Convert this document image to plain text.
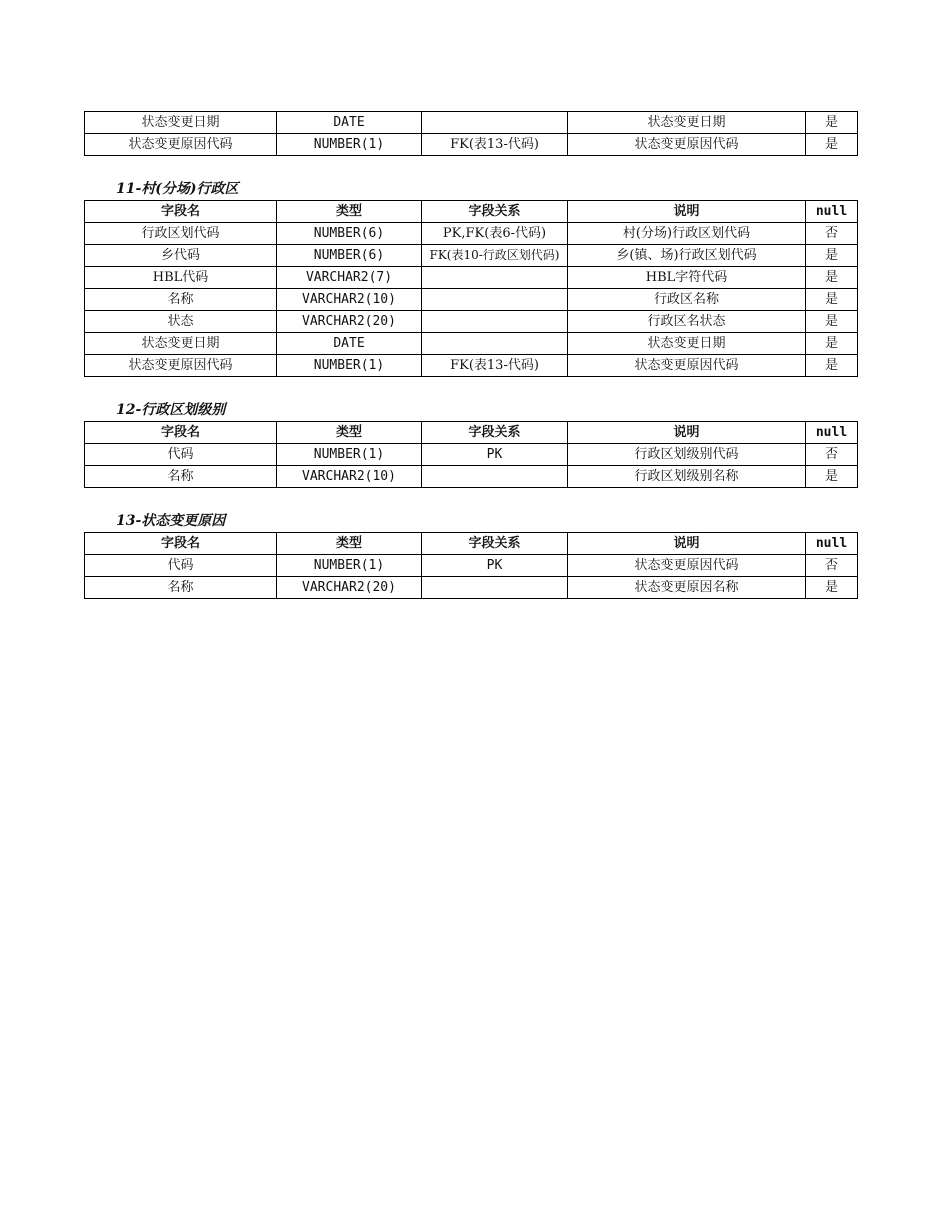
状态变更日期	DATE		状态变更日期	是
状态变更原因代码	NUMBER(1)	FK(表13-代码)	状态变更原因代码	是
11-村(分场)行政区
字段名	类型	字段关系	说明	null
行政区划代码	NUMBER(6)	PK,FK(表6-代码)	村(分场)行政区划代码	否
乡代码	NUMBER(6)	FK(表10-行政区划代码)	乡(镇、场)行政区划代码	是
HBL代码	VARCHAR2(7)		HBL字符代码	是
名称	VARCHAR2(10)		行政区名称	是
状态	VARCHAR2(20)		行政区名状态	是
状态变更日期	DATE		状态变更日期	是
状态变更原因代码	NUMBER(1)	FK(表13-代码)	状态变更原因代码	是
12-行政区划级别
字段名	类型	字段关系	说明	null
代码	NUMBER(1)	PK	行政区划级别代码	否
名称	VARCHAR2(10)		行政区划级别名称	是
13-状态变更原因
字段名	类型	字段关系	说明	null
代码	NUMBER(1)	PK	状态变更原因代码	否
名称	VARCHAR2(20)		状态变更原因名称	是
